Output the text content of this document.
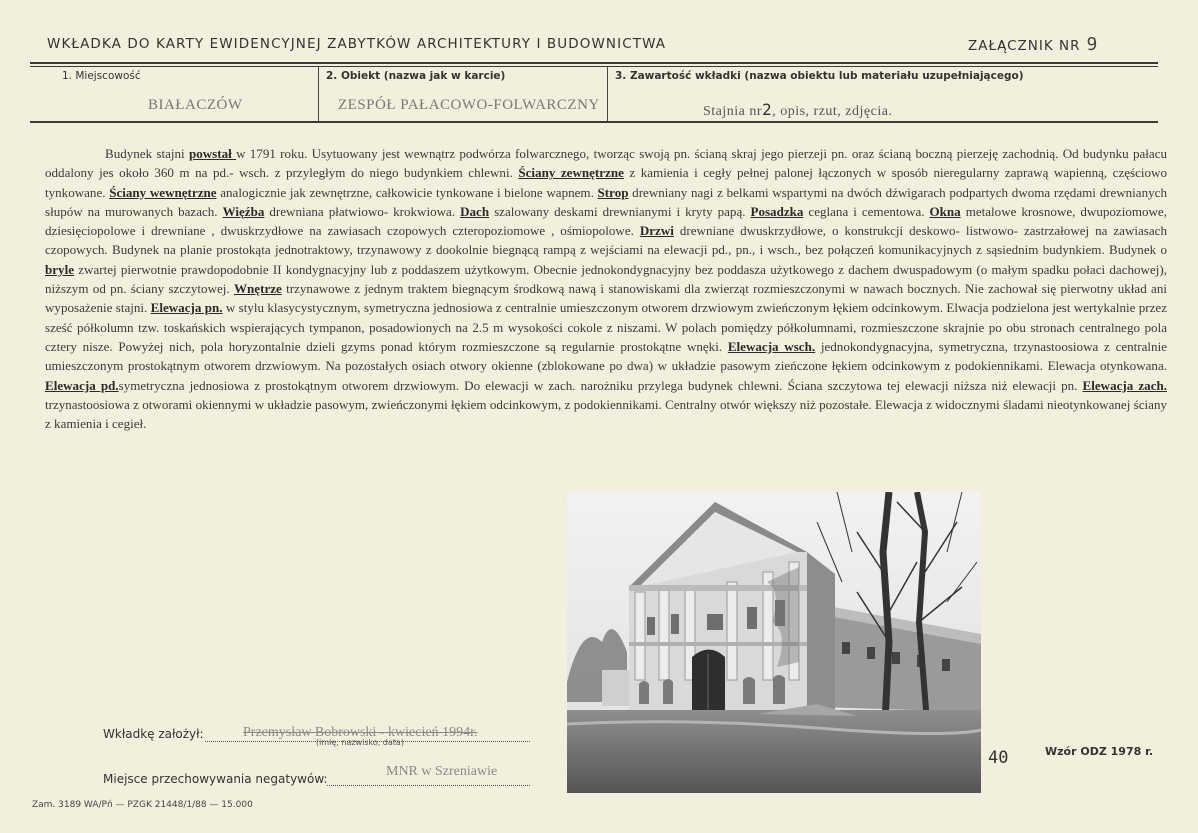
WKŁADKA DO KARTY EWIDENCYJNEJ ZABYTKÓW ARCHITEKTURY I BUDOWNICTWA	ZAŁĄCZNIK NR 9
1. Miejscowość
BIAŁACZÓW
2. Obiekt (nazwa jak w karcie)
ZESPÓŁ PAŁACOWO-FOLWARCZNY
3. Zawartość wkładki (nazwa obiektu lub materiału uzupełniającego)
Stajnia nr2, opis, rzut, zdjęcia.

Budynek stajni powstał w 1791 roku. Usytuowany jest wewnątrz podwórza folwarcznego, tworząc swoją pn. ścianą skraj jego pierzeji pn. oraz ścianą boczną pierzeję zachodnią. Od budynku pałacu oddalony jes około 360 m na pd.- wsch. z przyległym do niego budynkiem chlewni. Ściany zewnętrzne z kamienia i cegły pełnej palonej łączonych w sposób nieregularny zaprawą wapienną, częściowo tynkowane. Ściany wewnętrzne analogicznie jak zewnętrzne, całkowicie tynkowane i bielone wapnem. Strop drewniany nagi z belkami wspartymi na dwóch dźwigarach podpartych dwoma rzędami drewnianych słupów na murowanych bazach. Więźba drewniana płatwiowo- krokwiowa. Dach szalowany deskami drewnianymi i kryty papą. Posadzka ceglana i cementowa. Okna metalowe krosnowe, dwupoziomowe, dziesięciopolowe i drewniane , dwuskrzydłowe na zawiasach czopowych czteropoziomowe , ośmiopolowe. Drzwi drewniane dwuskrzydłowe, o konstrukcji deskowo- listwowo- zastrzałowej na zawiasach czopowych. Budynek na planie prostokąta jednotraktowy, trzynawowy z dookolnie biegnącą rampą z wejściami na elewacji pd., pn., i wsch., bez połączeń komunikacyjnych z sąsiednim budynkiem. Budynek o bryle zwartej pierwotnie prawdopodobnie II kondygnacyjny lub z poddaszem użytkowym. Obecnie jednokondygnacyjny bez poddasza użytkowego z dachem dwuspadowym (o małym spadku połaci dachowej), niższym od pn. ściany szczytowej. Wnętrze trzynawowe z jednym traktem biegnącym środkową nawą i stanowiskami dla zwierząt rozmieszczonymi w nawach bocznych. Nie zachował się pierwotny układ ani wyposażenie stajni. Elewacja pn. w stylu klasycystycznym, symetryczna jednosiowa z centralnie umieszczonym otworem drzwiowym zwieńczonym łękiem odcinkowym. Elwacja podzielona jest wertykalnie przez sześć półkolumn tzw. toskańskich wspierających tympanon, posadowionych na 2.5 m wysokości cokole z niszami. W polach pomiędzy półkolumnami, rozmieszczone skrajnie po obu stronach centralnego pola cztery nisze. Powyżej nich, pola horyzontalnie dzieli gzyms ponad którym rozmieszczone są regularnie prostokątne wnęki. Elewacja wsch. jednokondygnacyjna, symetryczna, trzynastoosiowa z centralnie umieszczonym prostokątnym otworem drzwiowym. Na pozostałych osiach otwory okienne (zblokowane po dwa) w układzie pasowym zieńczone łękiem odcinkowym z podokiennikami. Elewacja otynkowana. Elewacja pd.symetryczna jednosiowa z prostokątnym otworem drzwiowym. Do elewacji w zach. narożniku przylega budynek chlewni. Ściana szczytowa tej elewacji niższa niż elewacji pn. Elewacja zach. trzynastoosiowa z otworami okiennymi w układzie pasowym, zwieńczonymi łękiem odcinkowym, z podokiennikami. Centralny otwór większy niż pozostałe. Elewacja z widocznymi śladami nieotynkowanej ściany z kamienia i cegieł.

Wkładkę założył:	Przemysław Bobrowski - kwiecień 1994r.
(imię, nazwisko, data)
Miejsce przechowywania negatywów:	MNR w Szreniawie
40	Wzór ODZ 1978 r.
Zam. 3189 WA/Pń — PZGK 21448/1/88 — 15.000
